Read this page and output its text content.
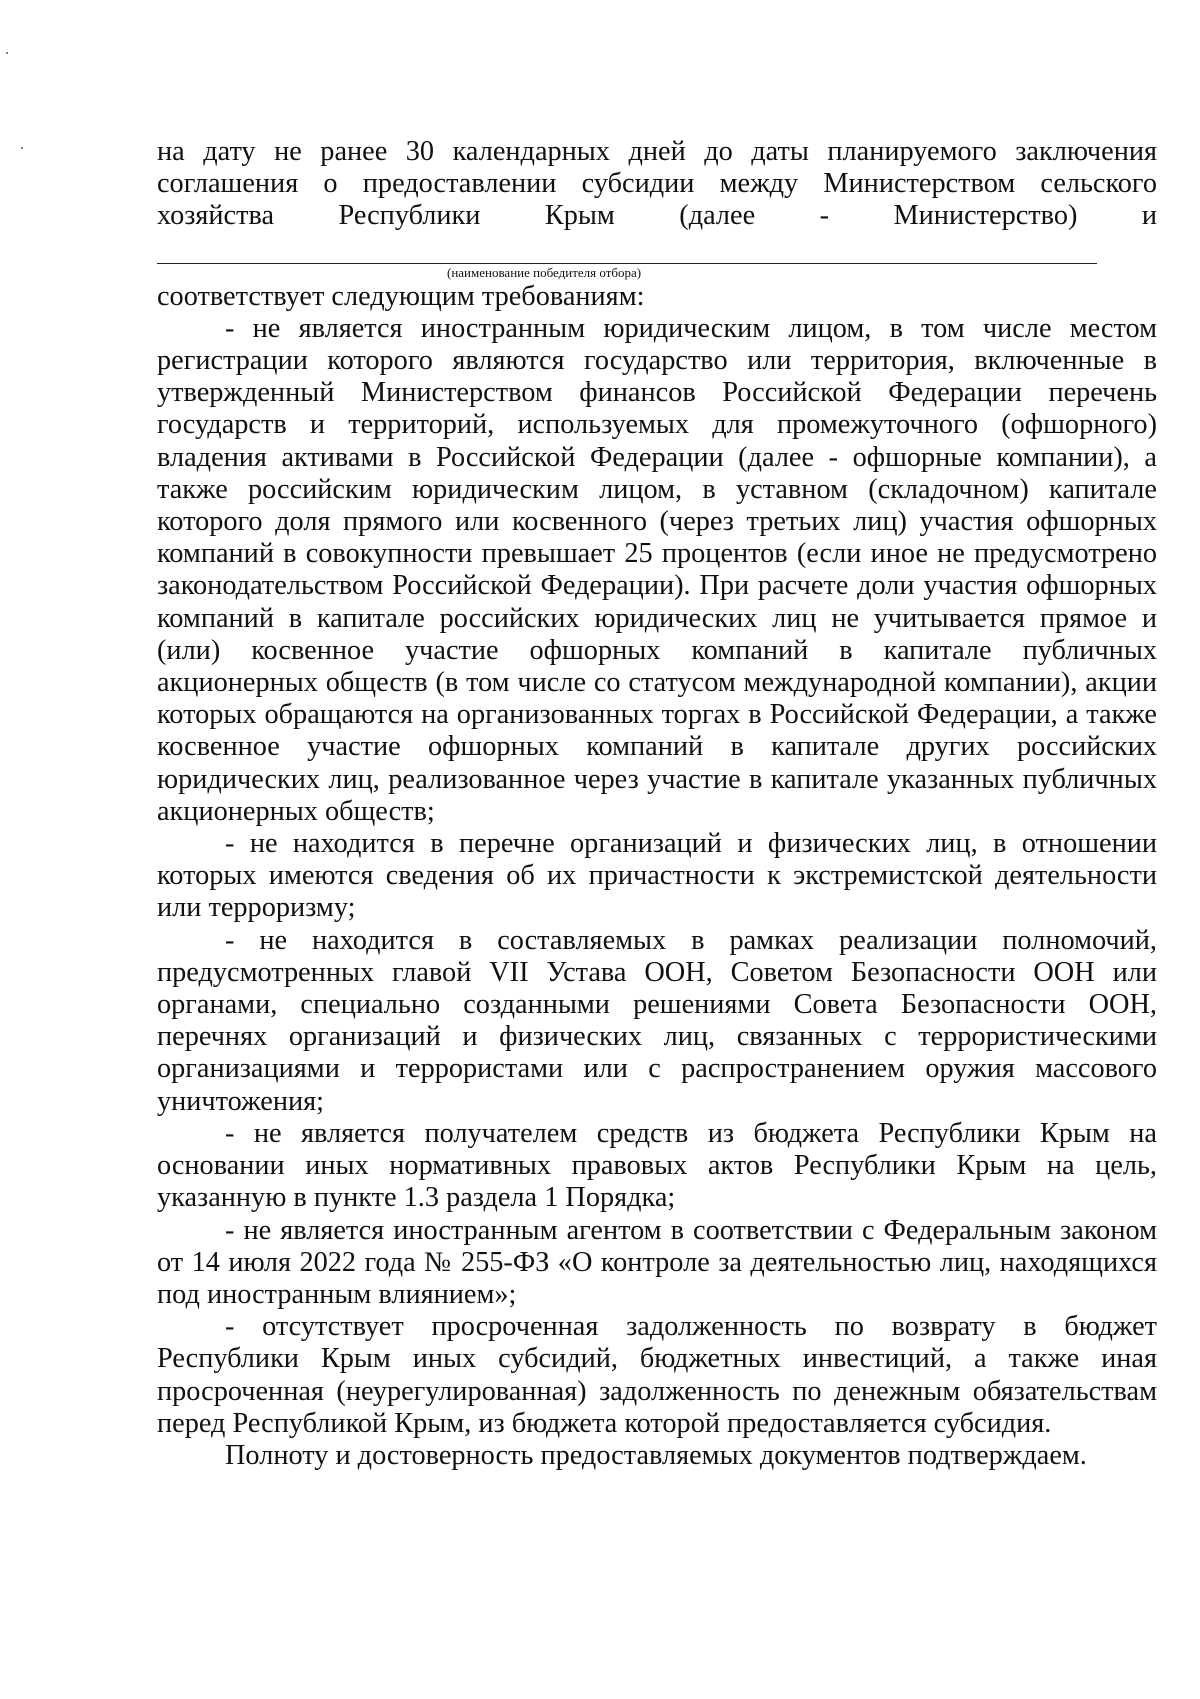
на дату не ранее 30 календарных дней до даты планируемого заключения соглашения о предоставлении субсидии между Министерством сельского хозяйства Республики Крым (далее - Министерство) и

(наименование победителя отбора)

соответствует следующим требованиям:

- не является иностранным юридическим лицом, в том числе местом регистрации которого являются государство или территория, включенные в утвержденный Министерством финансов Российской Федерации перечень государств и территорий, используемых для промежуточного (офшорного) владения активами в Российской Федерации (далее - офшорные компании), а также российским юридическим лицом, в уставном (складочном) капитале которого доля прямого или косвенного (через третьих лиц) участия офшорных компаний в совокупности превышает 25 процентов (если иное не предусмотрено законодательством Российской Федерации). При расчете доли участия офшорных компаний в капитале российских юридических лиц не учитывается прямое и (или) косвенное участие офшорных компаний в капитале публичных акционерных обществ (в том числе со статусом международной компании), акции которых обращаются на организованных торгах в Российской Федерации, а также косвенное участие офшорных компаний в капитале других российских юридических лиц, реализованное через участие в капитале указанных публичных акционерных обществ;

- не находится в перечне организаций и физических лиц, в отношении которых имеются сведения об их причастности к экстремистской деятельности или терроризму;

- не находится в составляемых в рамках реализации полномочий, предусмотренных главой VII Устава ООН, Советом Безопасности ООН или органами, специально созданными решениями Совета Безопасности ООН, перечнях организаций и физических лиц, связанных с террористическими организациями и террористами или с распространением оружия массового уничтожения;

- не является получателем средств из бюджета Республики Крым на основании иных нормативных правовых актов Республики Крым на цель, указанную в пункте 1.3 раздела 1 Порядка;

- не является иностранным агентом в соответствии с Федеральным законом от 14 июля 2022 года № 255-ФЗ «О контроле за деятельностью лиц, находящихся под иностранным влиянием»;

- отсутствует просроченная задолженность по возврату в бюджет Республики Крым иных субсидий, бюджетных инвестиций, а также иная просроченная (неурегулированная) задолженность по денежным обязательствам перед Республикой Крым, из бюджета которой предоставляется субсидия.

Полноту и достоверность предоставляемых документов подтверждаем.
